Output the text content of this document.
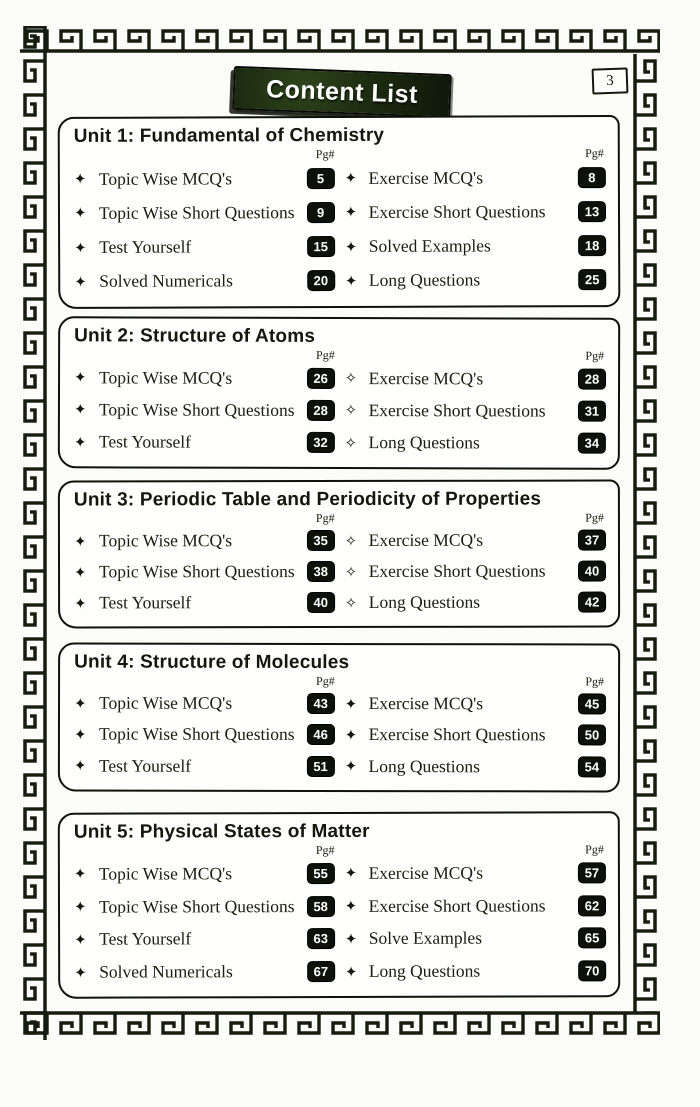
Content List	3
Unit 1: Fundamental of Chemistry
Pg#	Pg#
✦ Topic Wise MCQ's	5	✦ Exercise MCQ's	8
✦ Topic Wise Short Questions	9	✦ Exercise Short Questions	13
✦ Test Yourself	15	✦ Solved Examples	18
✦ Solved Numericals	20	✦ Long Questions	25
Unit 2: Structure of Atoms
Pg#	Pg#
✦ Topic Wise MCQ's	26	✧ Exercise MCQ's	28
✦ Topic Wise Short Questions	28	✧ Exercise Short Questions	31
✦ Test Yourself	32	✧ Long Questions	34
Unit 3: Periodic Table and Periodicity of Properties
Pg#	Pg#
✦ Topic Wise MCQ's	35	✧ Exercise MCQ's	37
✦ Topic Wise Short Questions	38	✧ Exercise Short Questions	40
✦ Test Yourself	40	✧ Long Questions	42
Unit 4: Structure of Molecules
Pg#	Pg#
✦ Topic Wise MCQ's	43	✦ Exercise MCQ's	45
✦ Topic Wise Short Questions	46	✦ Exercise Short Questions	50
✦ Test Yourself	51	✦ Long Questions	54
Unit 5: Physical States of Matter
Pg#	Pg#
✦ Topic Wise MCQ's	55	✦ Exercise MCQ's	57
✦ Topic Wise Short Questions	58	✦ Exercise Short Questions	62
✦ Test Yourself	63	✦ Solve Examples	65
✦ Solved Numericals	67	✦ Long Questions	70
